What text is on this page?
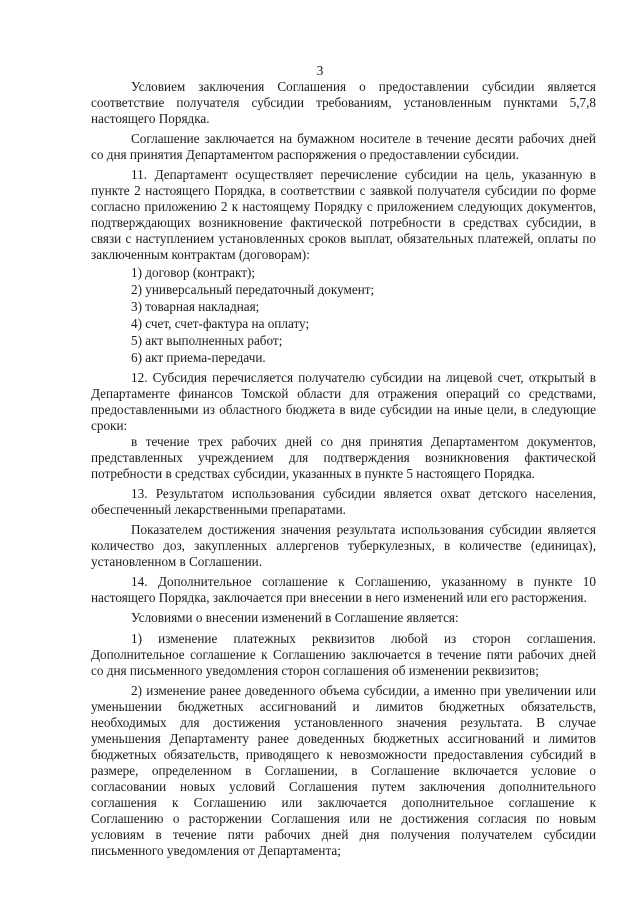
3
Условием заключения Соглашения о предоставлении субсидии является
соответствие получателя субсидии требованиям, установленным пунктами 5,7,8
настоящего Порядка.
Соглашение заключается на бумажном носителе в течение десяти рабочих дней
со дня принятия Департаментом распоряжения о предоставлении субсидии.
11. Департамент осуществляет перечисление субсидии на цель, указанную в
пункте 2 настоящего Порядка, в соответствии с заявкой получателя субсидии по форме
согласно приложению 2 к настоящему Порядку с приложением следующих документов,
подтверждающих возникновение фактической потребности в средствах субсидии, в
связи с наступлением установленных сроков выплат, обязательных платежей, оплаты по
заключенным контрактам (договорам):
1) договор (контракт);
2) универсальный передаточный документ;
3) товарная накладная;
4) счет, счет-фактура на оплату;
5) акт выполненных работ;
6) акт приема-передачи.
12. Субсидия перечисляется получателю субсидии на лицевой счет, открытый в
Департаменте финансов Томской области для отражения операций со средствами,
предоставленными из областного бюджета в виде субсидии на иные цели, в следующие
сроки:
в течение трех рабочих дней со дня принятия Департаментом документов,
представленных учреждением для подтверждения возникновения фактической
потребности в средствах субсидии, указанных в пункте 5 настоящего Порядка.
13. Результатом использования субсидии является охват детского населения,
обеспеченный лекарственными препаратами.
Показателем достижения значения результата использования субсидии является
количество доз, закупленных аллергенов туберкулезных, в количестве (единицах),
установленном в Соглашении.
14. Дополнительное соглашение к Соглашению, указанному в пункте 10
настоящего Порядка, заключается при внесении в него изменений или его расторжения.
Условиями о внесении изменений в Соглашение является:
1) изменение платежных реквизитов любой из сторон соглашения.
Дополнительное соглашение к Соглашению заключается в течение пяти рабочих дней
со дня письменного уведомления сторон соглашения об изменении реквизитов;
2) изменение ранее доведенного объема субсидии, а именно при увеличении или
уменьшении бюджетных ассигнований и лимитов бюджетных обязательств,
необходимых для достижения установленного значения результата. В случае
уменьшения Департаменту ранее доведенных бюджетных ассигнований и лимитов
бюджетных обязательств, приводящего к невозможности предоставления субсидий в
размере, определенном в Соглашении, в Соглашение включается условие о
согласовании новых условий Соглашения путем заключения дополнительного
соглашения к Соглашению или заключается дополнительное соглашение к
Соглашению о расторжении Соглашения или не достижения согласия по новым
условиям в течение пяти рабочих дней дня получения получателем субсидии
письменного уведомления от Департамента;
